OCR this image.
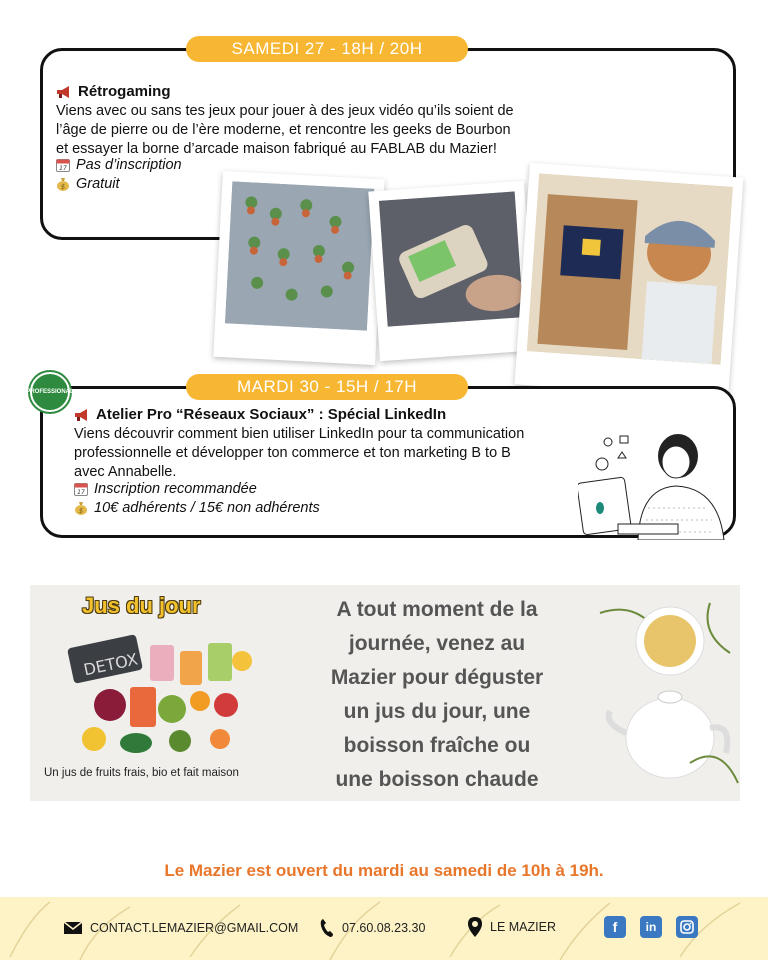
SAMEDI 27 - 18H / 20H
Rétrogaming
Viens avec ou sans tes jeux pour jouer à des jeux vidéo qu’ils soient de
l’âge de pierre ou de l’ère moderne, et rencontre les geeks de Bourbon
et essayer la borne d’arcade maison fabriqué au FABLAB du Mazier!
17 Pas d’inscription
$ Gratuit
MARDI 30 - 15H / 17H
PROFESSIONAL
Atelier Pro “Réseaux Sociaux” : Spécial LinkedIn
Viens découvrir comment bien utiliser LinkedIn pour ta communication
professionnelle et développer ton commerce et ton marketing B to B
avec Annabelle.
17 Inscription recommandée
$ 10€ adhérents / 15€ non adhérents
Jus du jour
DETOX
Un jus de fruits frais, bio et fait maison
A tout moment de la
journée, venez au
Mazier pour déguster
un jus du jour, une
boisson fraîche ou
une boisson chaude
Le Mazier est ouvert du mardi au samedi de 10h à 19h.
CONTACT.LEMAZIER@GMAIL.COM	07.60.08.23.30	LE MAZIER	f	in
